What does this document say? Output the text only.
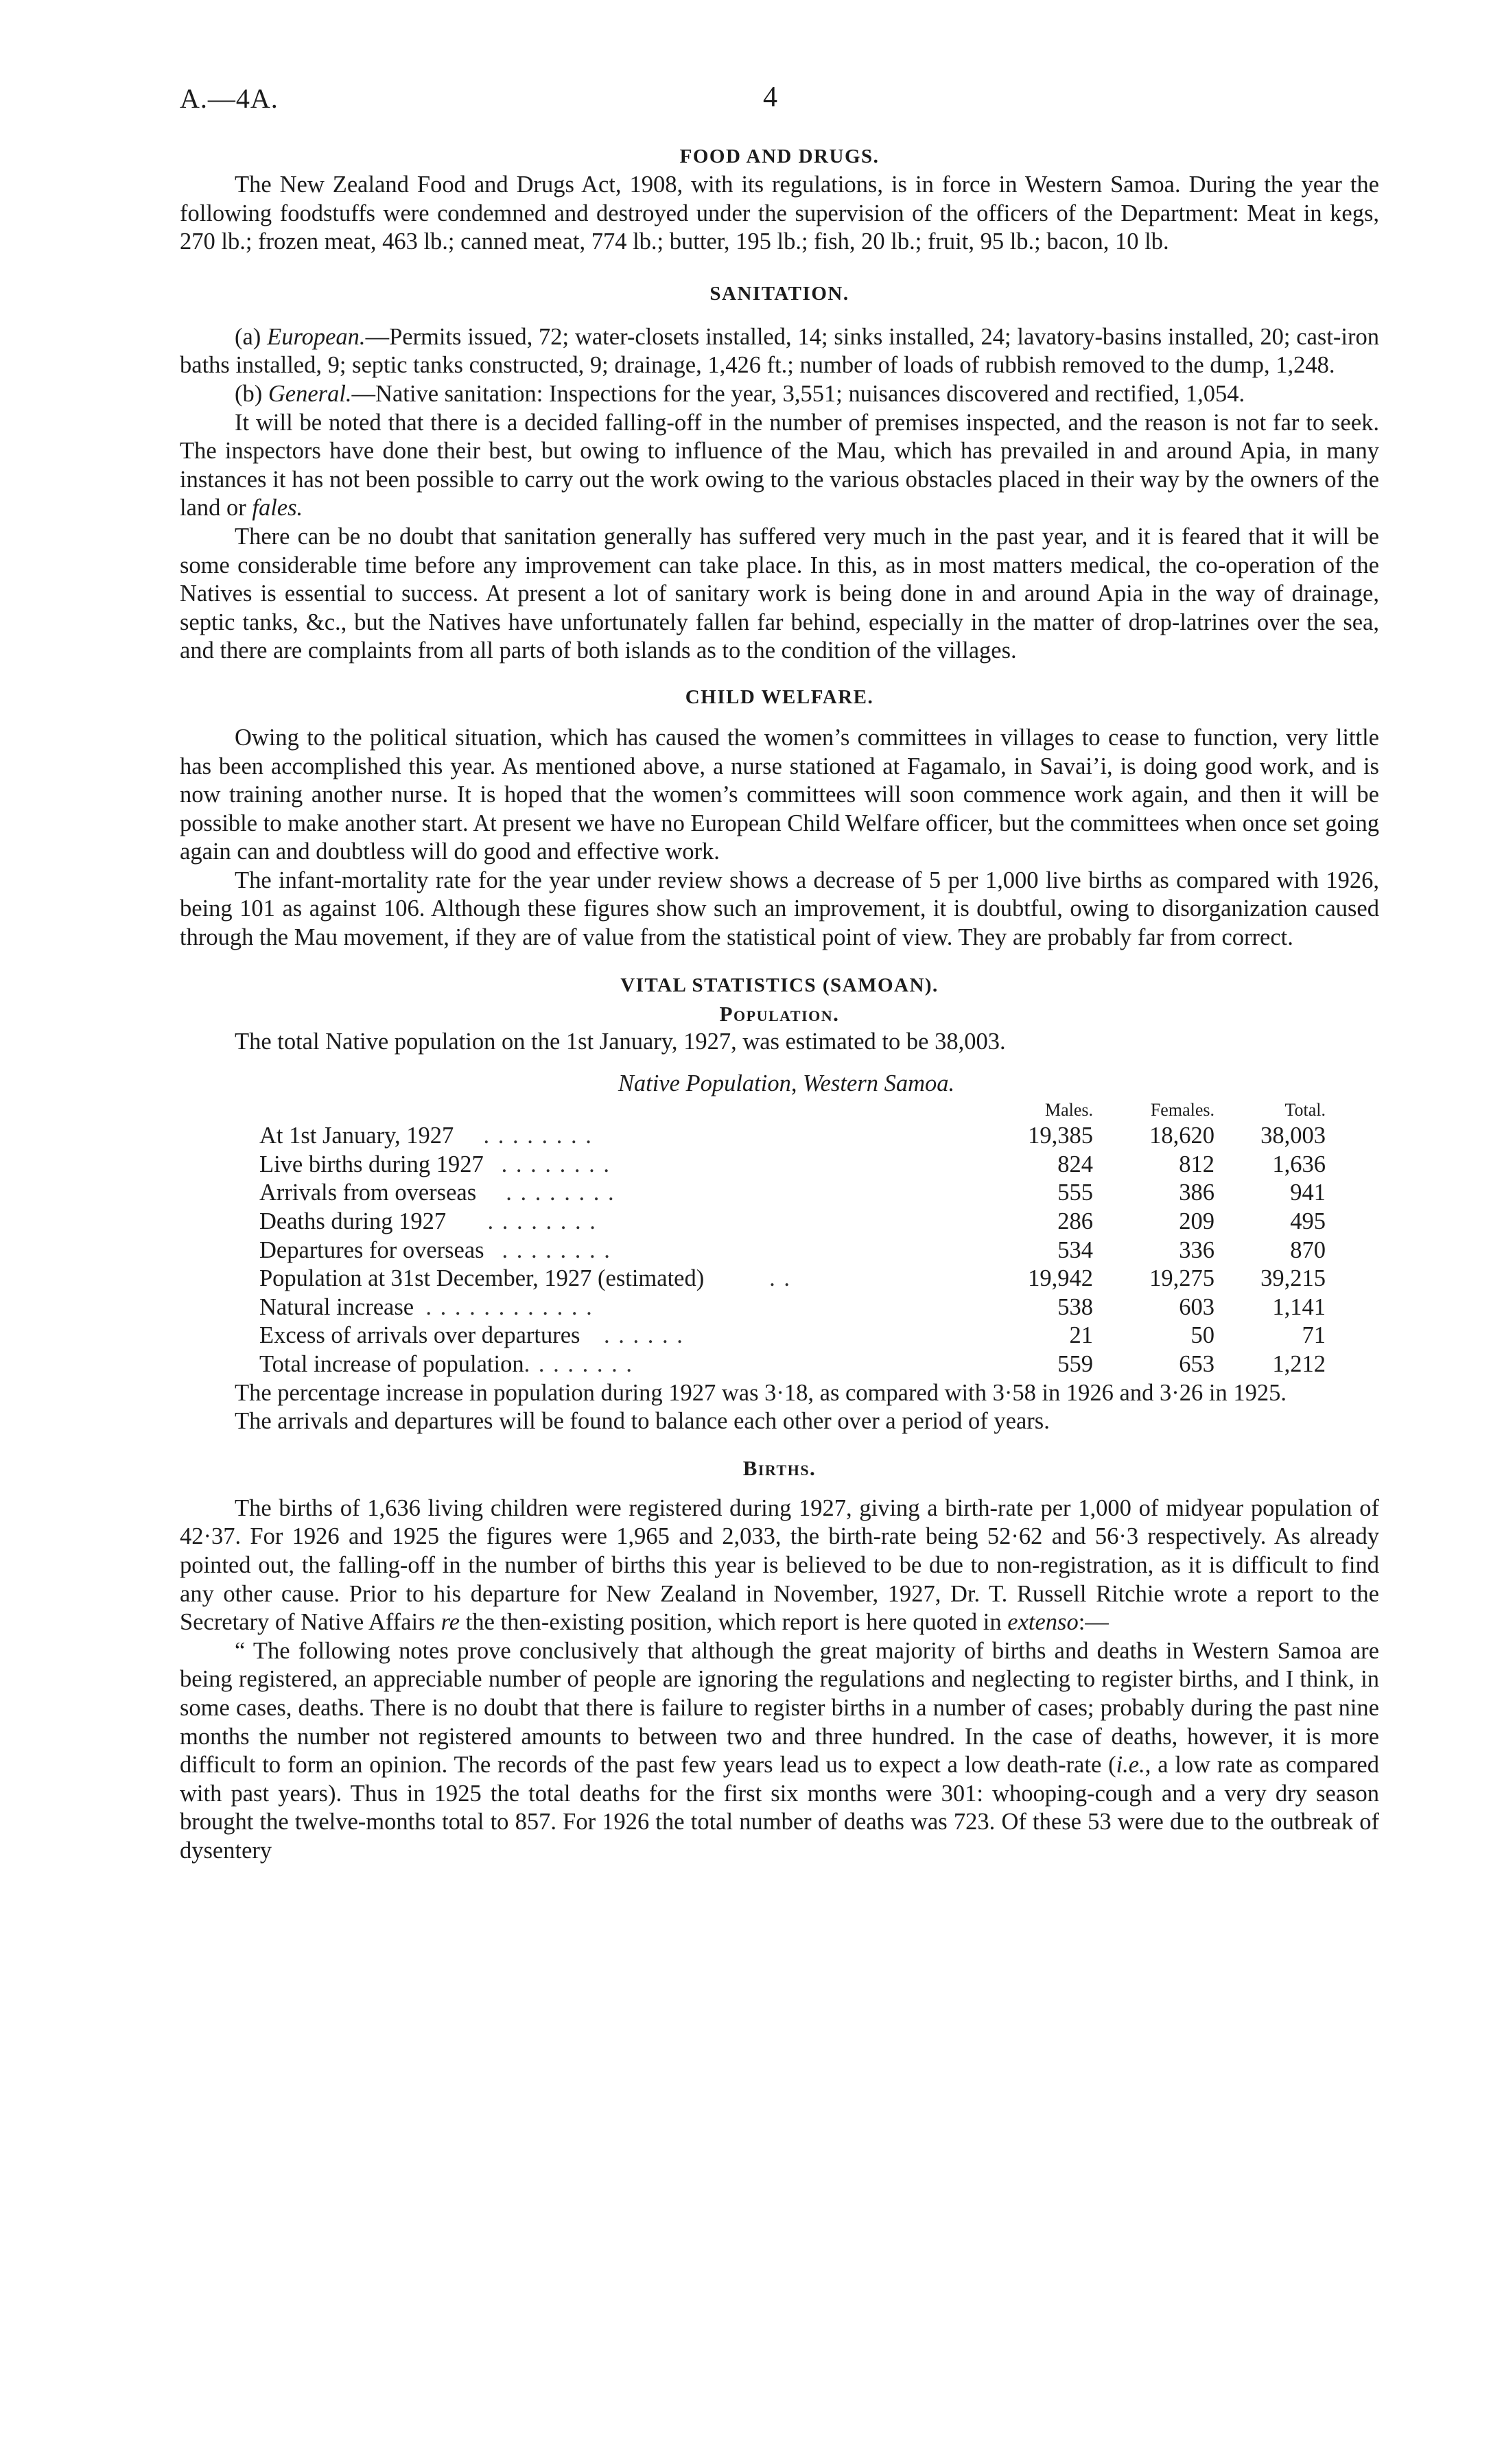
A.—4A.	4
FOOD AND DRUGS.

The New Zealand Food and Drugs Act, 1908, with its regulations, is in force in Western Samoa. During the year the following foodstuffs were condemned and destroyed under the supervision of the officers of the Department: Meat in kegs, 270 lb.; frozen meat, 463 lb.; canned meat, 774 lb.; butter, 195 lb.; fish, 20 lb.; fruit, 95 lb.; bacon, 10 lb.

SANITATION.

(a) European.—Permits issued, 72; water-closets installed, 14; sinks installed, 24; lavatory-basins installed, 20; cast-iron baths installed, 9; septic tanks constructed, 9; drainage, 1,426 ft.; number of loads of rubbish removed to the dump, 1,248.

(b) General.—Native sanitation: Inspections for the year, 3,551; nuisances discovered and rectified, 1,054.

It will be noted that there is a decided falling-off in the number of premises inspected, and the reason is not far to seek. The inspectors have done their best, but owing to influence of the Mau, which has prevailed in and around Apia, in many instances it has not been possible to carry out the work owing to the various obstacles placed in their way by the owners of the land or fales.

There can be no doubt that sanitation generally has suffered very much in the past year, and it is feared that it will be some considerable time before any improvement can take place. In this, as in most matters medical, the co-operation of the Natives is essential to success. At present a lot of sanitary work is being done in and around Apia in the way of drainage, septic tanks, &c., but the Natives have unfortunately fallen far behind, especially in the matter of drop-latrines over the sea, and there are complaints from all parts of both islands as to the condition of the villages.

CHILD WELFARE.

Owing to the political situation, which has caused the women’s committees in villages to cease to function, very little has been accomplished this year. As mentioned above, a nurse stationed at Fagamalo, in Savai’i, is doing good work, and is now training another nurse. It is hoped that the women’s committees will soon commence work again, and then it will be possible to make another start. At present we have no European Child Welfare officer, but the committees when once set going again can and doubtless will do good and effective work.

The infant-mortality rate for the year under review shows a decrease of 5 per 1,000 live births as compared with 1926, being 101 as against 106. Although these figures show such an improvement, it is doubtful, owing to disorganization caused through the Mau movement, if they are of value from the statistical point of view. They are probably far from correct.

VITAL STATISTICS (SAMOAN).
Population.

The total Native population on the 1st January, 1927, was estimated to be 38,003.

Native Population, Western Samoa.
	Males.	Females.	Total.
At 1st January, 1927 . . . . . . . .	19,385	18,620	38,003
Live births during 1927 . . . . . . . .	824	812	1,636
Arrivals from overseas . . . . . . . .	555	386	941
Deaths during 1927 . . . . . . . .	286	209	495
Departures for overseas . . . . . . . .	534	336	870
Population at 31st December, 1927 (estimated) . .	19,942	19,275	39,215
Natural increase . . . . . . . . . . . .	538	603	1,141
Excess of arrivals over departures . . . . . .	21	50	71
Total increase of population. . . . . . . .	559	653	1,212

The percentage increase in population during 1927 was 3·18, as compared with 3·58 in 1926 and 3·26 in 1925.

The arrivals and departures will be found to balance each other over a period of years.

Births.

The births of 1,636 living children were registered during 1927, giving a birth-rate per 1,000 of midyear population of 42·37. For 1926 and 1925 the figures were 1,965 and 2,033, the birth-rate being 52·62 and 56·3 respectively. As already pointed out, the falling-off in the number of births this year is believed to be due to non-registration, as it is difficult to find any other cause. Prior to his departure for New Zealand in November, 1927, Dr. T. Russell Ritchie wrote a report to the Secretary of Native Affairs re the then-existing position, which report is here quoted in extenso:—

“ The following notes prove conclusively that although the great majority of births and deaths in Western Samoa are being registered, an appreciable number of people are ignoring the regulations and neglecting to register births, and I think, in some cases, deaths. There is no doubt that there is failure to register births in a number of cases; probably during the past nine months the number not registered amounts to between two and three hundred. In the case of deaths, however, it is more difficult to form an opinion. The records of the past few years lead us to expect a low death-rate (i.e., a low rate as compared with past years). Thus in 1925 the total deaths for the first six months were 301: whooping-cough and a very dry season brought the twelve-months total to 857. For 1926 the total number of deaths was 723. Of these 53 were due to the outbreak of dysentery
